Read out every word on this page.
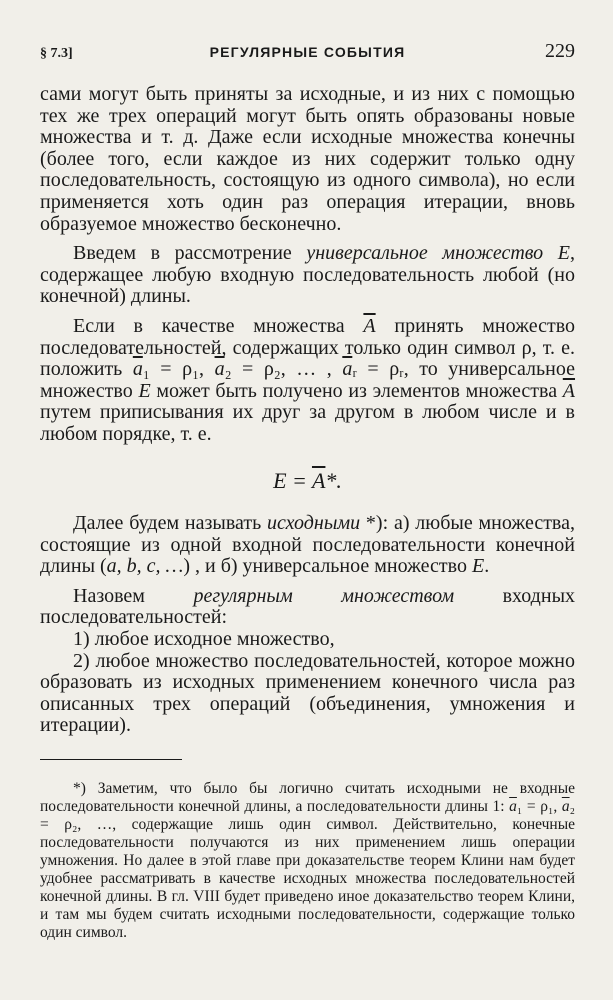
§ 7.3]	РЕГУЛЯРНЫЕ СОБЫТИЯ	229

сами могут быть приняты за исходные, и из них с помощью тех же трех операций могут быть опять образованы новые множества и т. д. Даже если исходные множества конечны (более того, если каждое из них содержит только одну последовательность, состоящую из одного символа), но если применяется хоть один раз операция итерации, вновь образуемое множество бесконечно.

Введем в рассмотрение универсальное множество E, содержащее любую входную последовательность любой (но конечной) длины.

Если в качестве множества $\overline{A}$ принять множество последовательностей, содержащих только один символ ρ, т. е. положить $\overline{a}_1 = \rho_1$, $\overline{a}_2 = \rho_2$, … , $\overline{a}ᵣ$ = ρᵣ, то универсальное множество E может быть получено из элементов множества $\overline{A}$ путем приписывания их друг за другом в любом числе и в любом порядке, т. е.

$E = \overline{A}*$.

Далее будем называть исходными *): а) любые множества, состоящие из одной входной последовательности конечной длины (a, b, c, …) , и б) универсальное множество E.

Назовем регулярным множеством входных последовательностей:

1) любое исходное множество,

2) любое множество последовательностей, которое можно образовать из исходных применением конечного числа раз описанных трех операций (объединения, умножения и итерации).

*) Заметим, что было бы логично считать исходными не входные последовательности конечной длины, а последовательности длины 1: $\overline{a}_1 = \rho_1$, $\overline{a}_2 = \rho_2$, …, содержащие лишь один символ. Действительно, конечные последовательности получаются из них применением лишь операции умножения. Но далее в этой главе при доказательстве теорем Клини нам будет удобнее рассматривать в качестве исходных множества последовательностей конечной длины. В гл. VIII будет приведено иное доказательство теорем Клини, и там мы будем считать исходными последовательности, содержащие только один символ.
